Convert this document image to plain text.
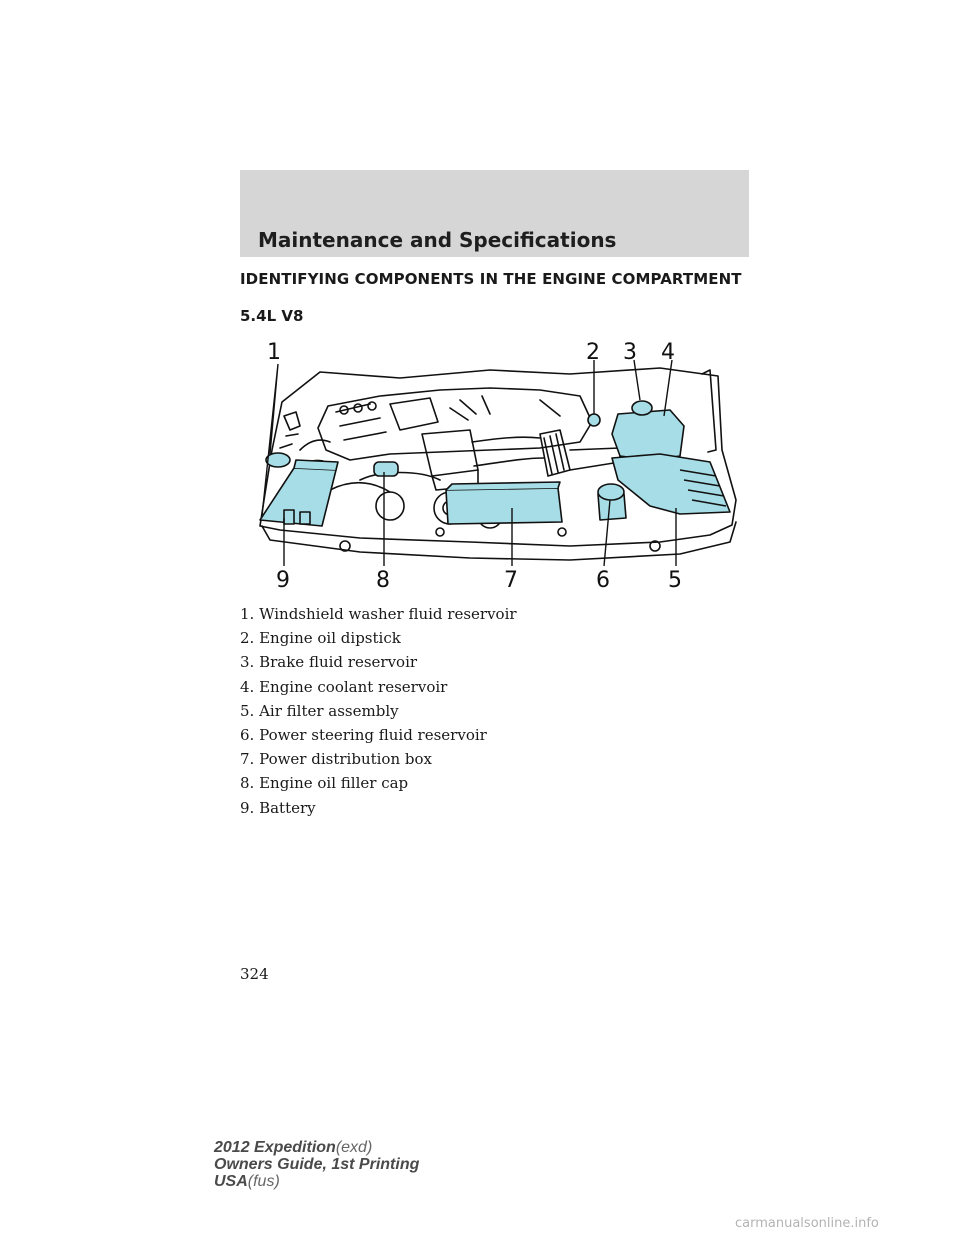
Maintenance and Specifications
IDENTIFYING COMPONENTS IN THE ENGINE COMPARTMENT
5.4L V8
1	2 3 4
5
6
7
8
9
1. Windshield washer fluid reservoir
2. Engine oil dipstick
3. Brake fluid reservoir
4. Engine coolant reservoir
5. Air filter assembly
6. Power steering fluid reservoir
7. Power distribution box
8. Engine oil filler cap
9. Battery
324
2012 Expedition(exd)
Owners Guide, 1st Printing
USA(fus)
carmanualsonline.info
